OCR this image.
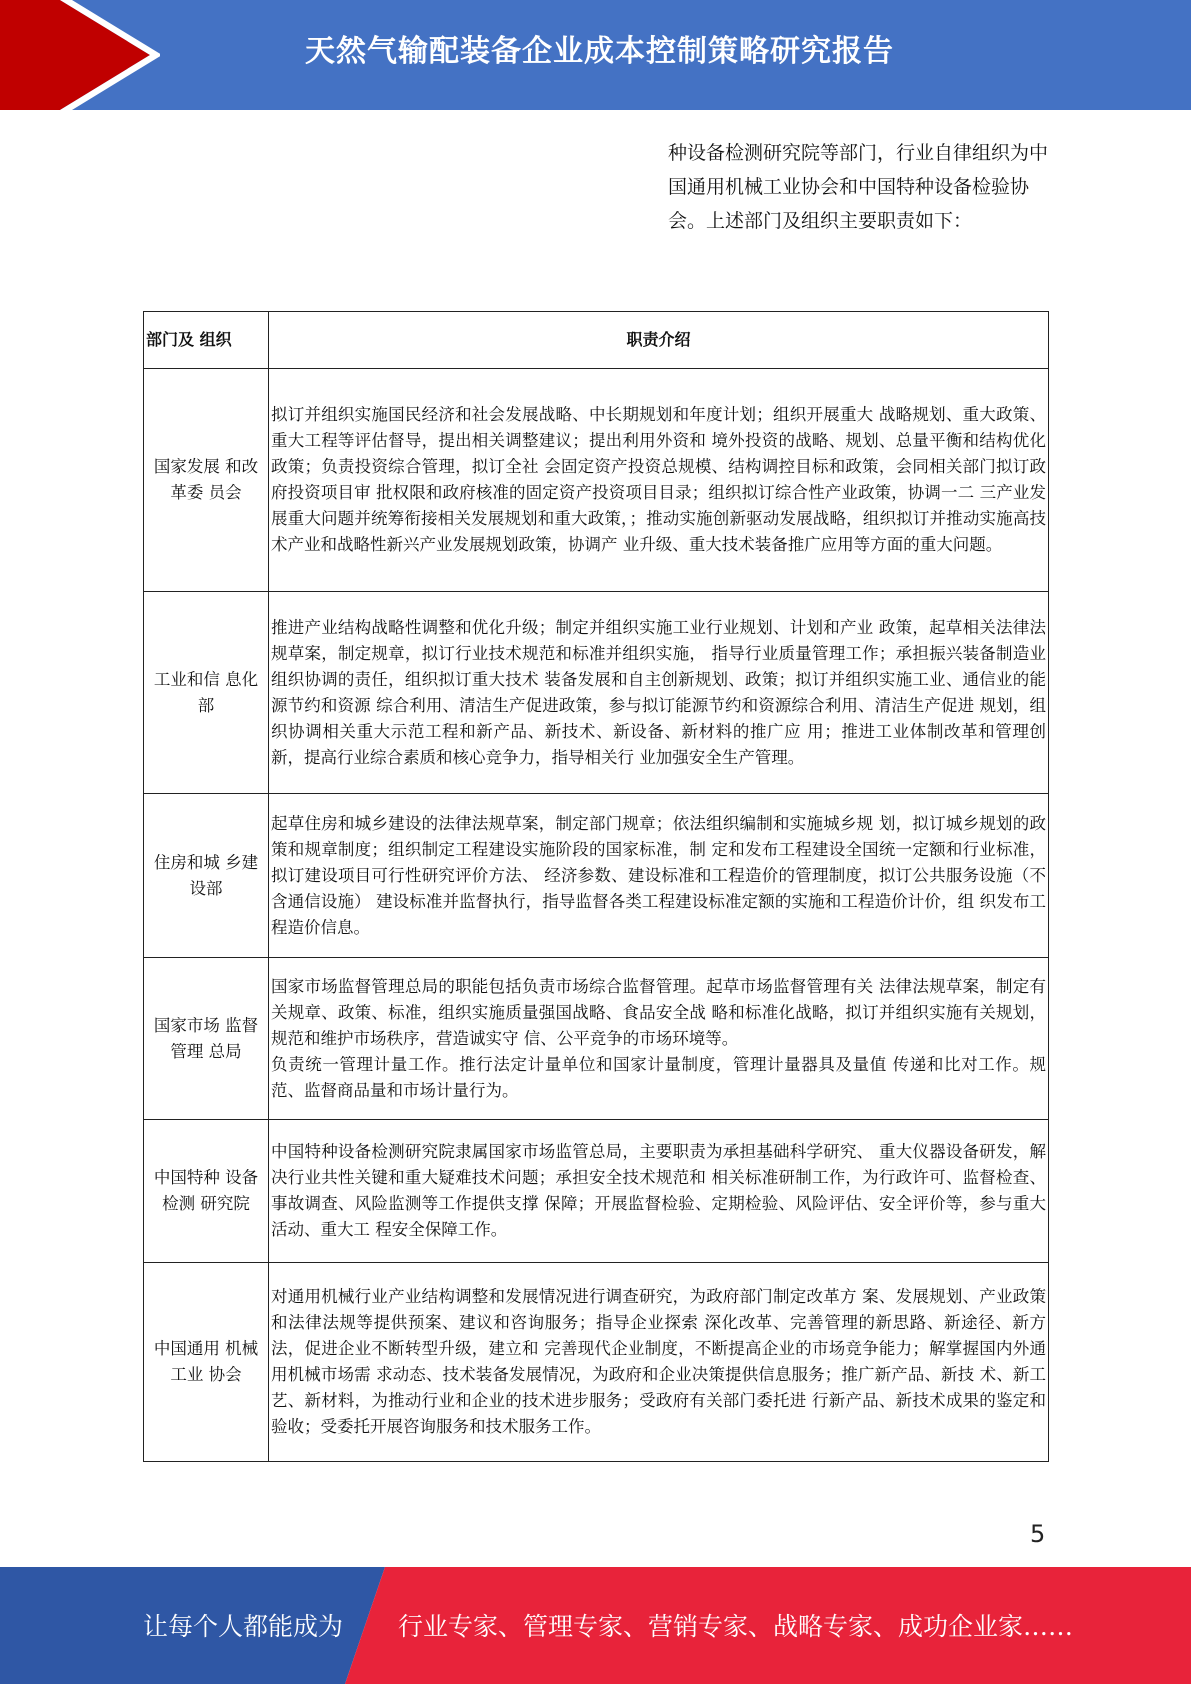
天然气输配装备企业成本控制策略研究报告
种设备检测研究院等部门，行业自律组织为中国通用机械工业协会和中国特种设备检验协会。上述部门及组织主要职责如下：
部门及 组织	职责介绍
国家发展 和改革委 员会	拟订并组织实施国民经济和社会发展战略、中长期规划和年度计划；组织开展重大 战略规划、重大政策、重大工程等评估督导，提出相关调整建议；提出利用外资和 境外投资的战略、规划、总量平衡和结构优化政策；负责投资综合管理，拟订全社 会固定资产投资总规模、结构调控目标和政策，会同相关部门拟订政府投资项目审 批权限和政府核准的固定资产投资项目目录；组织拟订综合性产业政策，协调一二 三产业发展重大问题并统筹衔接相关发展规划和重大政策，；推动实施创新驱动发展战略，组织拟订并推动实施高技术产业和战略性新兴产业发展规划政策，协调产 业升级、重大技术装备推广应用等方面的重大问题。

工业和信 息化部	推进产业结构战略性调整和优化升级；制定并组织实施工业行业规划、计划和产业 政策，起草相关法律法规草案，制定规章，拟订行业技术规范和标准并组织实施， 指导行业质量管理工作；承担振兴装备制造业组织协调的责任，组织拟订重大技术 装备发展和自主创新规划、政策；拟订并组织实施工业、通信业的能源节约和资源 综合利用、清洁生产促进政策，参与拟订能源节约和资源综合利用、清洁生产促进 规划，组织协调相关重大示范工程和新产品、新技术、新设备、新材料的推广应 用；推进工业体制改革和管理创新，提高行业综合素质和核心竞争力，指导相关行 业加强安全生产管理。

住房和城 乡建设部	起草住房和城乡建设的法律法规草案，制定部门规章；依法组织编制和实施城乡规 划，拟订城乡规划的政策和规章制度；组织制定工程建设实施阶段的国家标准，制 定和发布工程建设全国统一定额和行业标准，拟订建设项目可行性研究评价方法、 经济参数、建设标准和工程造价的管理制度，拟订公共服务设施（不含通信设施） 建设标准并监督执行，指导监督各类工程建设标准定额的实施和工程造价计价，组 织发布工程造价信息。

国家市场 监督管理 总局	国家市场监督管理总局的职能包括负责市场综合监督管理。起草市场监督管理有关 法律法规草案，制定有关规章、政策、标准，组织实施质量强国战略、食品安全战 略和标准化战略，拟订并组织实施有关规划，规范和维护市场秩序，营造诚实守 信、公平竞争的市场环境等。

负责统一管理计量工作。推行法定计量单位和国家计量制度，管理计量器具及量值 传递和比对工作。规范、监督商品量和市场计量行为。

中国特种 设备检测 研究院	中国特种设备检测研究院隶属国家市场监管总局，主要职责为承担基础科学研究、 重大仪器设备研发，解决行业共性关键和重大疑难技术问题；承担安全技术规范和 相关标准研制工作，为行政许可、监督检查、事故调查、风险监测等工作提供支撑 保障；开展监督检验、定期检验、风险评估、安全评价等，参与重大活动、重大工 程安全保障工作。

中国通用 机械工业 协会	对通用机械行业产业结构调整和发展情况进行调查研究，为政府部门制定改革方 案、发展规划、产业政策和法律法规等提供预案、建议和咨询服务；指导企业探索 深化改革、完善管理的新思路、新途径、新方法，促进企业不断转型升级，建立和 完善现代企业制度，不断提高企业的市场竞争能力；解掌握国内外通用机械市场需 求动态、技术装备发展情况，为政府和企业决策提供信息服务；推广新产品、新技 术、新工艺、新材料，为推动行业和企业的技术进步服务；受政府有关部门委托进 行新产品、新技术成果的鉴定和验收；受委托开展咨询服务和技术服务工作。

5
让每个人都能成为 行业专家、管理专家、营销专家、战略专家、成功企业家……
